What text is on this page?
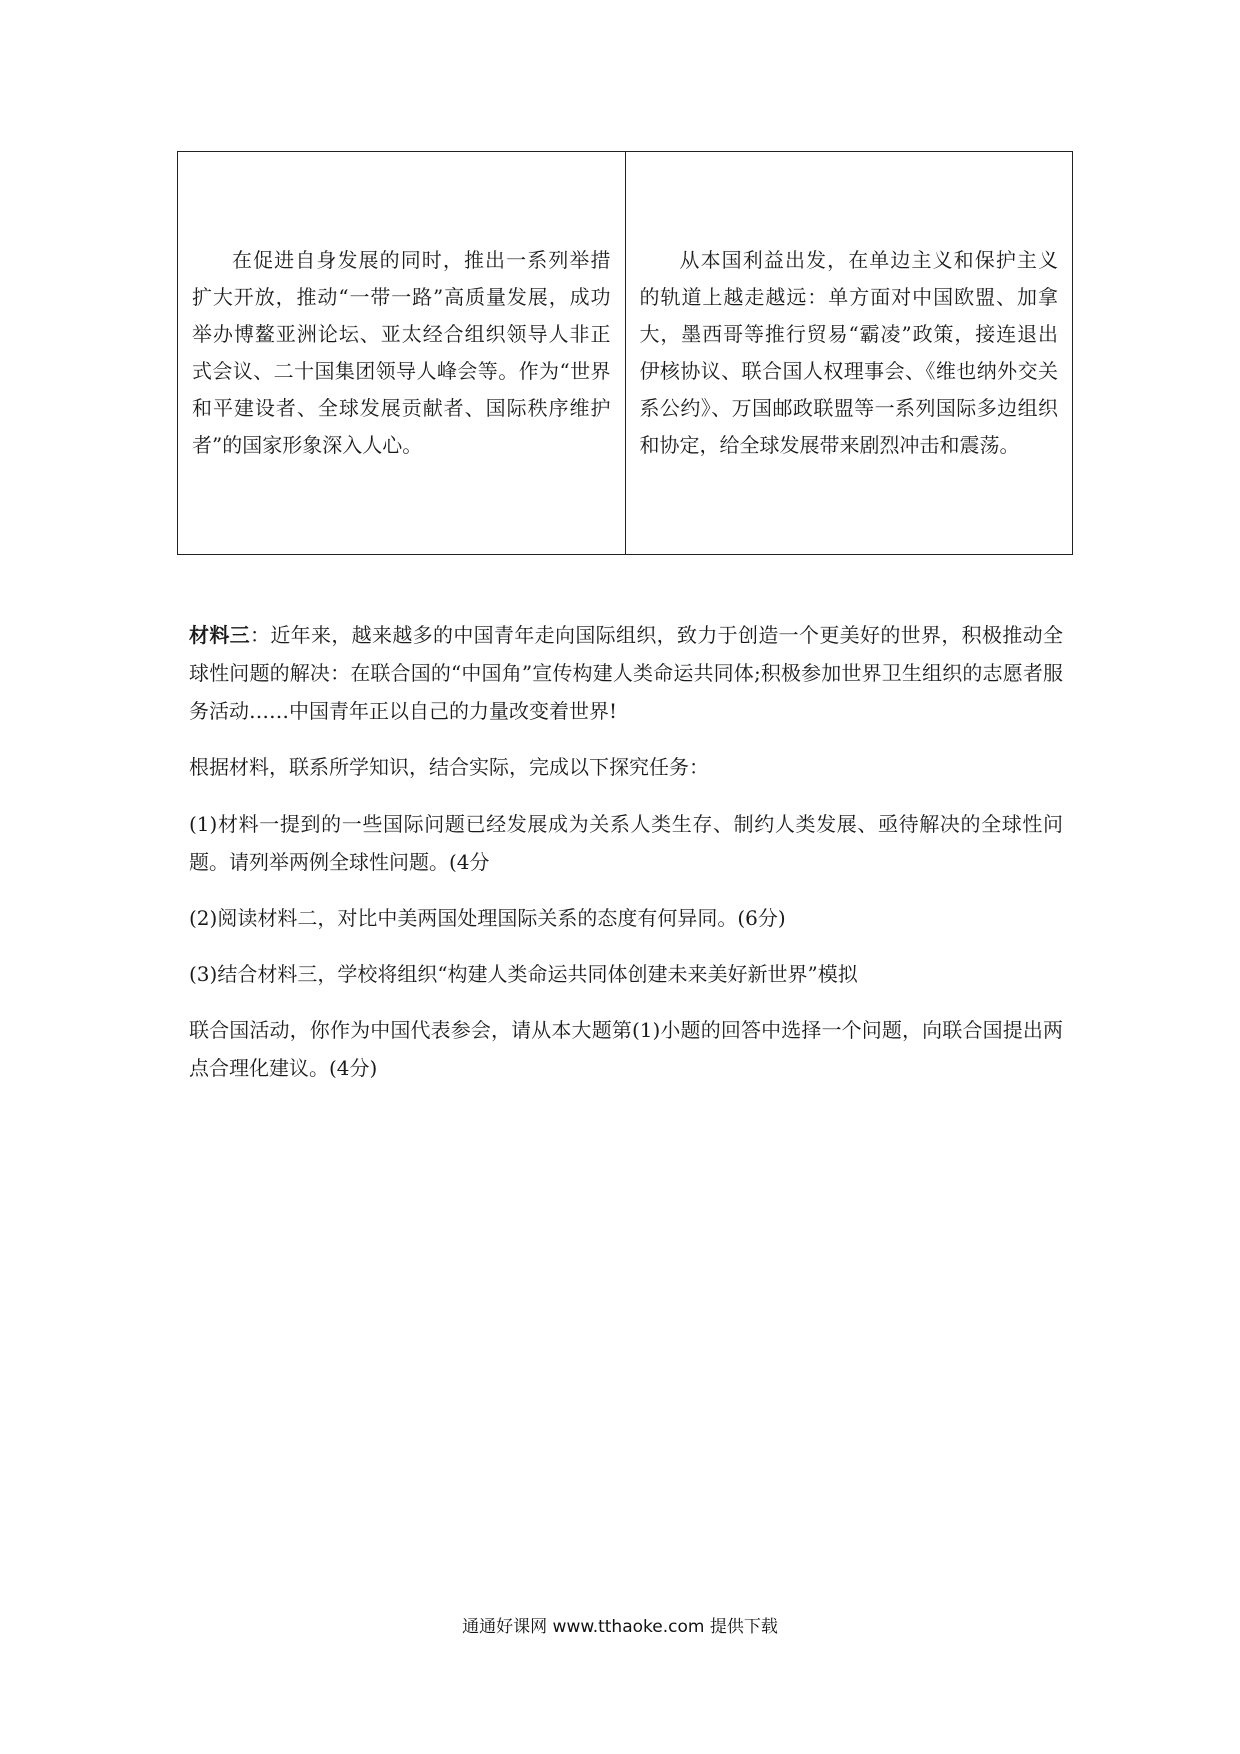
在促进自身发展的同时，推出一系列举措扩大开放，推动“一带一路”高质量发展，成功举办博鳌亚洲论坛、亚太经合组织领导人非正式会议、二十国集团领导人峰会等。作为“世界和平建设者、全球发展贡献者、国际秩序维护者”的国家形象深入人心。	从本国利益出发，在单边主义和保护主义的轨道上越走越远：单方面对中国欧盟、加拿大，墨西哥等推行贸易“霸凌”政策，接连退出伊核协议、联合国人权理事会、《维也纳外交关系公约》、万国邮政联盟等一系列国际多边组织和协定，给全球发展带来剧烈冲击和震荡。

材料三：近年来，越来越多的中国青年走向国际组织，致力于创造一个更美好的世界，积极推动全球性问题的解决：在联合国的“中国角”宣传构建人类命运共同体;积极参加世界卫生组织的志愿者服务活动……中国青年正以自己的力量改变着世界!

根据材料，联系所学知识，结合实际，完成以下探究任务：

(1)材料一提到的一些国际问题已经发展成为关系人类生存、制约人类发展、亟待解决的全球性问题。请列举两例全球性问题。(4分

(2)阅读材料二，对比中美两国处理国际关系的态度有何异同。(6分)

(3)结合材料三，学校将组织“构建人类命运共同体创建未来美好新世界”模拟

联合国活动，你作为中国代表参会，请从本大题第(1)小题的回答中选择一个问题，向联合国提出两点合理化建议。(4分)

通通好课网 www.tthaoke.com 提供下载
